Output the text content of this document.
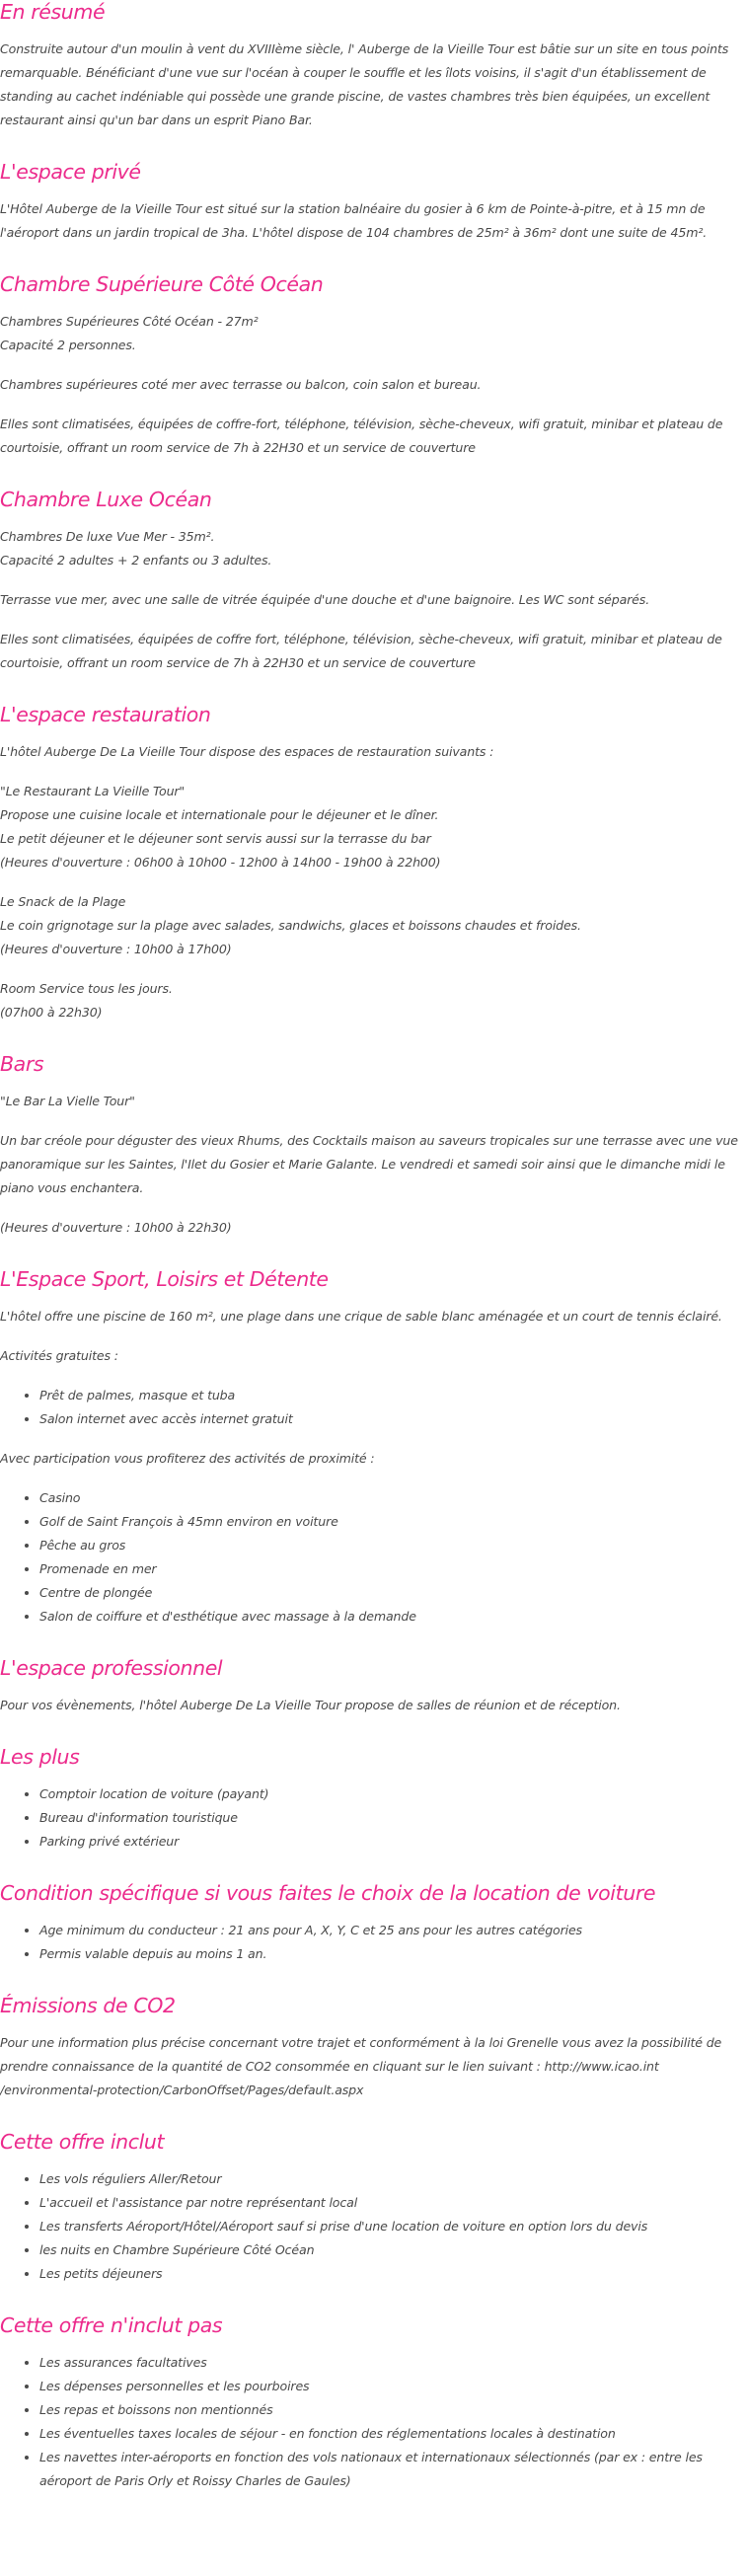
En résumé

Construite autour d'un moulin à vent du XVIIIème siècle, l' Auberge de la Vieille Tour est bâtie sur un site en tous points remarquable. Bénéficiant d'une vue sur l'océan à couper le souffle et les îlots voisins, il s'agit d'un établissement de standing au cachet indéniable qui possède une grande piscine, de vastes chambres très bien équipées, un excellent restaurant ainsi qu'un bar dans un esprit Piano Bar.

L'espace privé

L'Hôtel Auberge de la Vieille Tour est situé sur la station balnéaire du gosier à 6 km de Pointe-à-pitre, et à 15 mn de l'aéroport dans un jardin tropical de 3ha. L'hôtel dispose de 104 chambres de 25m² à 36m² dont une suite de 45m².

Chambre Supérieure Côté Océan

Chambres Supérieures Côté Océan - 27m²
Capacité 2 personnes.

Chambres supérieures coté mer avec terrasse ou balcon, coin salon et bureau.

Elles sont climatisées, équipées de coffre-fort, téléphone, télévision, sèche-cheveux, wifi gratuit, minibar et plateau de courtoisie, offrant un room service de 7h à 22H30 et un service de couverture

Chambre Luxe Océan

Chambres De luxe Vue Mer - 35m².
Capacité 2 adultes + 2 enfants ou 3 adultes.

Terrasse vue mer, avec une salle de vitrée équipée d'une douche et d'une baignoire. Les WC sont séparés.

Elles sont climatisées, équipées de coffre fort, téléphone, télévision, sèche-cheveux, wifi gratuit, minibar et plateau de courtoisie, offrant un room service de 7h à 22H30 et un service de couverture

L'espace restauration

L'hôtel Auberge De La Vieille Tour dispose des espaces de restauration suivants :

"Le Restaurant La Vieille Tour"
Propose une cuisine locale et internationale pour le déjeuner et le dîner.
Le petit déjeuner et le déjeuner sont servis aussi sur la terrasse du bar
(Heures d'ouverture : 06h00 à 10h00 - 12h00 à 14h00 - 19h00 à 22h00)

Le Snack de la Plage
Le coin grignotage sur la plage avec salades, sandwichs, glaces et boissons chaudes et froides.
(Heures d'ouverture : 10h00 à 17h00)

Room Service tous les jours.
(07h00 à 22h30)

Bars

"Le Bar La Vielle Tour"

Un bar créole pour déguster des vieux Rhums, des Cocktails maison au saveurs tropicales sur une terrasse avec une vue panoramique sur les Saintes, l'Ilet du Gosier et Marie Galante. Le vendredi et samedi soir ainsi que le dimanche midi le piano vous enchantera.

(Heures d'ouverture : 10h00 à 22h30)

L'Espace Sport, Loisirs et Détente

L'hôtel offre une piscine de 160 m², une plage dans une crique de sable blanc aménagée et un court de tennis éclairé.

Activités gratuites :

• Prêt de palmes, masque et tuba
• Salon internet avec accès internet gratuit

Avec participation vous profiterez des activités de proximité :

• Casino
• Golf de Saint François à 45mn environ en voiture
• Pêche au gros
• Promenade en mer
• Centre de plongée
• Salon de coiffure et d'esthétique avec massage à la demande
L'espace professionnel

Pour vos évènements, l'hôtel Auberge De La Vieille Tour propose de salles de réunion et de réception.

Les plus
• Comptoir location de voiture (payant)
• Bureau d'information touristique
• Parking privé extérieur
Condition spécifique si vous faites le choix de la location de voiture
• Age minimum du conducteur : 21 ans pour A, X, Y, C et 25 ans pour les autres catégories
• Permis valable depuis au moins 1 an.
Émissions de CO2

Pour une information plus précise concernant votre trajet et conformément à la loi Grenelle vous avez la possibilité de prendre connaissance de la quantité de CO2 consommée en cliquant sur le lien suivant : http://www.icao.int /environmental-protection/CarbonOffset/Pages/default.aspx

Cette offre inclut
• Les vols réguliers Aller/Retour
• L'accueil et l'assistance par notre représentant local
• Les transferts Aéroport/Hôtel/Aéroport sauf si prise d'une location de voiture en option lors du devis
• les nuits en Chambre Supérieure Côté Océan
• Les petits déjeuners
Cette offre n'inclut pas
• Les assurances facultatives
• Les dépenses personnelles et les pourboires
• Les repas et boissons non mentionnés
• Les éventuelles taxes locales de séjour - en fonction des réglementations locales à destination
• Les navettes inter-aéroports en fonction des vols nationaux et internationaux sélectionnés (par ex : entre les aéroport de Paris Orly et Roissy Charles de Gaules)
